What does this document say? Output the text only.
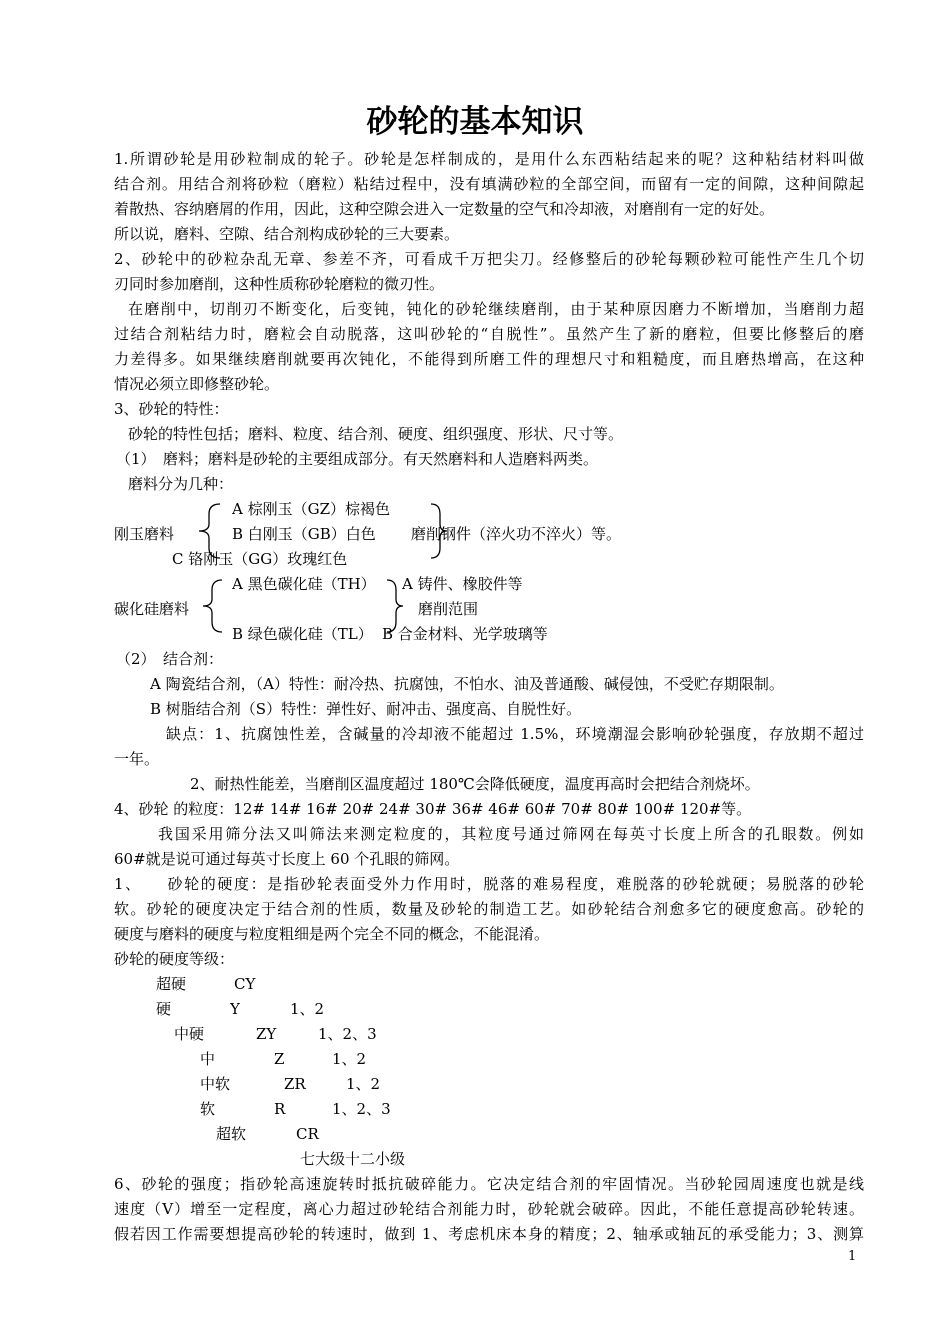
砂轮的基本知识
1.所谓砂轮是用砂粒制成的轮子。砂轮是怎样制成的，是用什么东西粘结起来的呢？这种粘结材料叫做
结合剂。用结合剂将砂粒（磨粒）粘结过程中，没有填满砂粒的全部空间，而留有一定的间隙，这种间隙起
着散热、容纳磨屑的作用，因此，这种空隙会进入一定数量的空气和冷却液，对磨削有一定的好处。
所以说，磨料、空隙、结合剂构成砂轮的三大要素。
2、砂轮中的砂粒杂乱无章、参差不齐，可看成千万把尖刀。经修整后的砂轮每颗砂粒可能性产生几个切
刃同时参加磨削，这种性质称砂轮磨粒的微刃性。
在磨削中，切削刃不断变化，后变钝，钝化的砂轮继续磨削，由于某种原因磨力不断增加，当磨削力超
过结合剂粘结力时，磨粒会自动脱落，这叫砂轮的“自脱性”。虽然产生了新的磨粒，但要比修整后的磨
力差得多。如果继续磨削就要再次钝化，不能得到所磨工件的理想尺寸和粗糙度，而且磨热增高，在这种
情况必须立即修整砂轮。
3、砂轮的特性：
砂轮的特性包括；磨料、粒度、结合剂、硬度、组织强度、形状、尺寸等。
（1）　磨料；磨料是砂轮的主要组成部分。有天然磨料和人造磨料两类。
磨料分为几种：
A 棕刚玉（GZ）棕褐色
刚玉磨料	B 白刚玉（GB）白色	磨削钢件（淬火功不淬火）等。
C 铬刚玉（GG）玫瑰红色
A 黑色碳化硅（TH）	A 铸件、橡胶件等
碳化硅磨料	磨削范围
B 绿色碳化硅（TL） B 合金材料、光学玻璃等
（2）　结合剂：
A 陶瓷结合剂，（A）特性：耐冷热、抗腐蚀，不怕水、油及普通酸、碱侵蚀，不受贮存期限制。
B 树脂结合剂（S）特性：弹性好、耐冲击、强度高、自脱性好。
缺点：1、抗腐蚀性差，含碱量的冷却液不能超过 1.5%，环境潮湿会影响砂轮强度，存放期不超过
一年。
2、耐热性能差，当磨削区温度超过 180℃会降低硬度，温度再高时会把结合剂烧坏。
4、砂轮 的粒度：12# 14# 16# 20# 24# 30# 36# 46# 60# 70# 80# 100# 120#等。
我国采用筛分法又叫筛法来测定粒度的，其粒度号通过筛网在每英寸长度上所含的孔眼数。例如
60#就是说可通过每英寸长度上 60 个孔眼的筛网。
1、　　砂轮的硬度：是指砂轮表面受外力作用时，脱落的难易程度，难脱落的砂轮就硬；易脱落的砂轮
软。砂轮的硬度决定于结合剂的性质，数量及砂轮的制造工艺。如砂轮结合剂愈多它的硬度愈高。砂轮的
硬度与磨料的硬度与粒度粗细是两个完全不同的概念，不能混淆。
砂轮的硬度等级：
超硬	CY
硬	Y	1、2
中硬	ZY	1、2、3
中	Z	1、2
中软	ZR	1、2
软	R	1、2、3
超软	CR
七大级十二小级
6、砂轮的强度；指砂轮高速旋转时抵抗破碎能力。它决定结合剂的牢固情况。当砂轮园周速度也就是线
速度（V）增至一定程度，离心力超过砂轮结合剂能力时，砂轮就会破碎。因此，不能任意提高砂轮转速。
假若因工作需要想提高砂轮的转速时，做到 1、考虑机床本身的精度；2、轴承或轴瓦的承受能力；3、测算
1
